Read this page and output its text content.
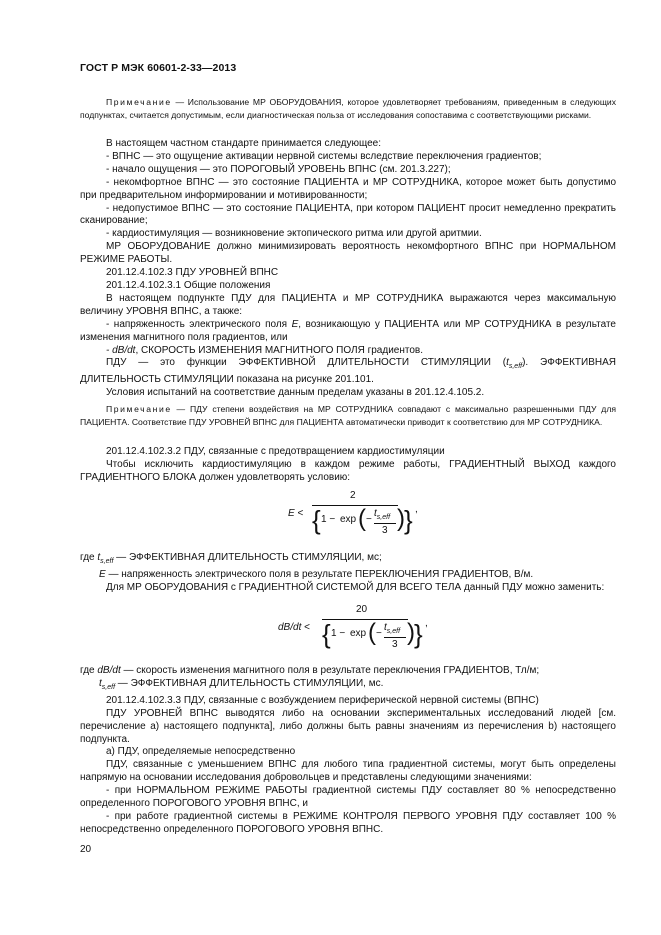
ГОСТ Р МЭК 60601-2-33—2013

Примечание — Использование МР ОБОРУДОВАНИЯ, которое удовлетворяет требованиям, приведенным в следующих подпунктах, считается допустимым, если диагностическая польза от исследования сопоставима с соответствующими рисками.

В настоящем частном стандарте принимается следующее:

- ВПНС — это ощущение активации нервной системы вследствие переключения градиентов;

- начало ощущения — это ПОРОГОВЫЙ УРОВЕНЬ ВПНС (см. 201.3.227);

- некомфортное ВПНС — это состояние ПАЦИЕНТА и МР СОТРУДНИКА, которое может быть допустимо при предварительном информировании и мотивированности;

- недопустимое ВПНС — это состояние ПАЦИЕНТА, при котором ПАЦИЕНТ просит немедленно прекратить сканирование;

- кардиостимуляция — возникновение эктопического ритма или другой аритмии.

МР ОБОРУДОВАНИЕ должно минимизировать вероятность некомфортного ВПНС при НОРМАЛЬНОМ РЕЖИМЕ РАБОТЫ.

201.12.4.102.3 ПДУ УРОВНЕЙ ВПНС

201.12.4.102.3.1 Общие положения

В настоящем подпункте ПДУ для ПАЦИЕНТА и МР СОТРУДНИКА выражаются через максимальную величину УРОВНЯ ВПНС, а также:

- напряженность электрического поля E, возникающую у ПАЦИЕНТА или МР СОТРУДНИКА в результате изменения магнитного поля градиентов, или

- dB/dt, СКОРОСТЬ ИЗМЕНЕНИЯ МАГНИТНОГО ПОЛЯ градиентов.

ПДУ — это функции ЭФФЕКТИВНОЙ ДЛИТЕЛЬНОСТИ СТИМУЛЯЦИИ $(t_{s,eff})$. ЭФФЕКТИВНАЯ ДЛИТЕЛЬНОСТЬ СТИМУЛЯЦИИ показана на рисунке 201.101.

Условия испытаний на соответствие данным пределам указаны в 201.12.4.105.2.

Примечание — ПДУ степени воздействия на МР СОТРУДНИКА совпадают с максимально разрешенными ПДУ для ПАЦИЕНТА. Соответствие ПДУ УРОВНЕЙ ВПНС для ПАЦИЕНТА автоматически приводит к соответствию для МР СОТРУДНИКА.

201.12.4.102.3.2 ПДУ, связанные с предотвращением кардиостимуляции

Чтобы исключить кардиостимуляцию в каждом режиме работы, ГРАДИЕНТНЫЙ ВЫХОД каждого ГРАДИЕНТНОГО БЛОКА должен удовлетворять условию:

E <
2
{ 1 − exp ( −
$t_{s,eff}$
3 ) } ,

где $t_{s,eff}$ — ЭФФЕКТИВНАЯ ДЛИТЕЛЬНОСТЬ СТИМУЛЯЦИИ, мс;

E — напряженность электрического поля в результате ПЕРЕКЛЮЧЕНИЯ ГРАДИЕНТОВ, В/м.

Для МР ОБОРУДОВАНИЯ с ГРАДИЕНТНОЙ СИСТЕМОЙ ДЛЯ ВСЕГО ТЕЛА данный ПДУ можно заменить:

dB/dt <
20
{ 1 − exp ( −
$t_{s,eff}$
3 ) } ,

где dB/dt — скорость изменения магнитного поля в результате переключения ГРАДИЕНТОВ, Тл/м;

$t_{s,eff}$ — ЭФФЕКТИВНАЯ ДЛИТЕЛЬНОСТЬ СТИМУЛЯЦИИ, мс.

201.12.4.102.3.3 ПДУ, связанные с возбуждением периферической нервной системы (ВПНС)

ПДУ УРОВНЕЙ ВПНС выводятся либо на основании экспериментальных исследований людей [см. перечисление а) настоящего подпункта], либо должны быть равны значениям из перечисления b) настоящего подпункта.

а) ПДУ, определяемые непосредственно

ПДУ, связанные с уменьшением ВПНС для любого типа градиентной системы, могут быть определены напрямую на основании исследования добровольцев и представлены следующими значениями:

- при НОРМАЛЬНОМ РЕЖИМЕ РАБОТЫ градиентной системы ПДУ составляет 80 % непосредственно определенного ПОРОГОВОГО УРОВНЯ ВПНС, и

- при работе градиентной системы в РЕЖИМЕ КОНТРОЛЯ ПЕРВОГО УРОВНЯ ПДУ составляет 100 % непосредственно определенного ПОРОГОВОГО УРОВНЯ ВПНС.

20
